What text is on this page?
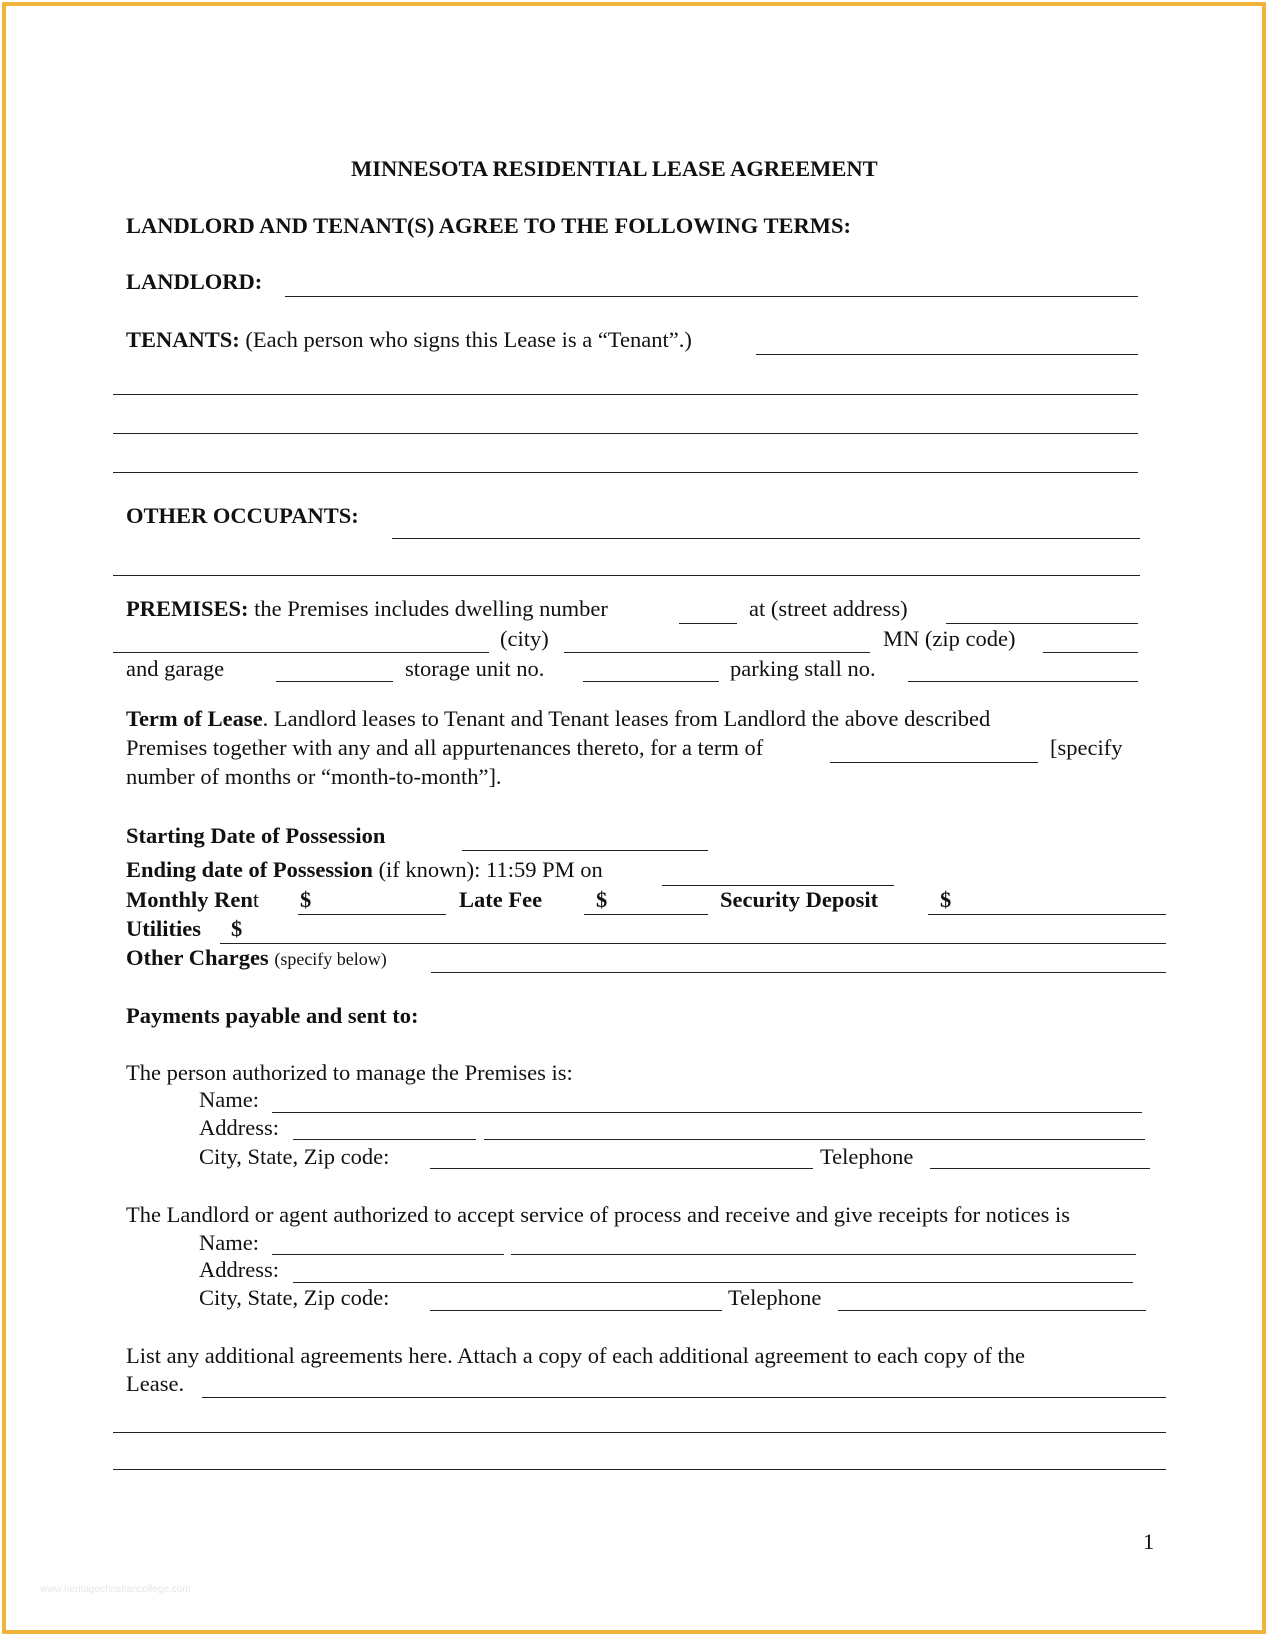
MINNESOTA RESIDENTIAL LEASE AGREEMENT
LANDLORD AND TENANT(S) AGREE TO THE FOLLOWING TERMS:
LANDLORD:
TENANTS: (Each person who signs this Lease is a “Tenant”.)
OTHER OCCUPANTS:
PREMISES: the Premises includes dwelling number	at (street address)
(city)	MN (zip code)
and garage	storage unit no.	parking stall no.
Term of Lease. Landlord leases to Tenant and Tenant leases from Landlord the above described
Premises together with any and all appurtenances thereto, for a term of	[specify
number of months or “month-to-month”].
Starting Date of Possession
Ending date of Possession (if known): 11:59 PM on
Monthly Rent $	Late Fee $	Security Deposit	$
Utilities $
Other Charges (specify below)
Payments payable and sent to:
The person authorized to manage the Premises is:
Name:
Address:
City, State, Zip code:	Telephone
The Landlord or agent authorized to accept service of process and receive and give receipts for notices is
Name:
Address:
City, State, Zip code:	Telephone
List any additional agreements here. Attach a copy of each additional agreement to each copy of the
Lease.
1
www.heritagechristiancollege.com
